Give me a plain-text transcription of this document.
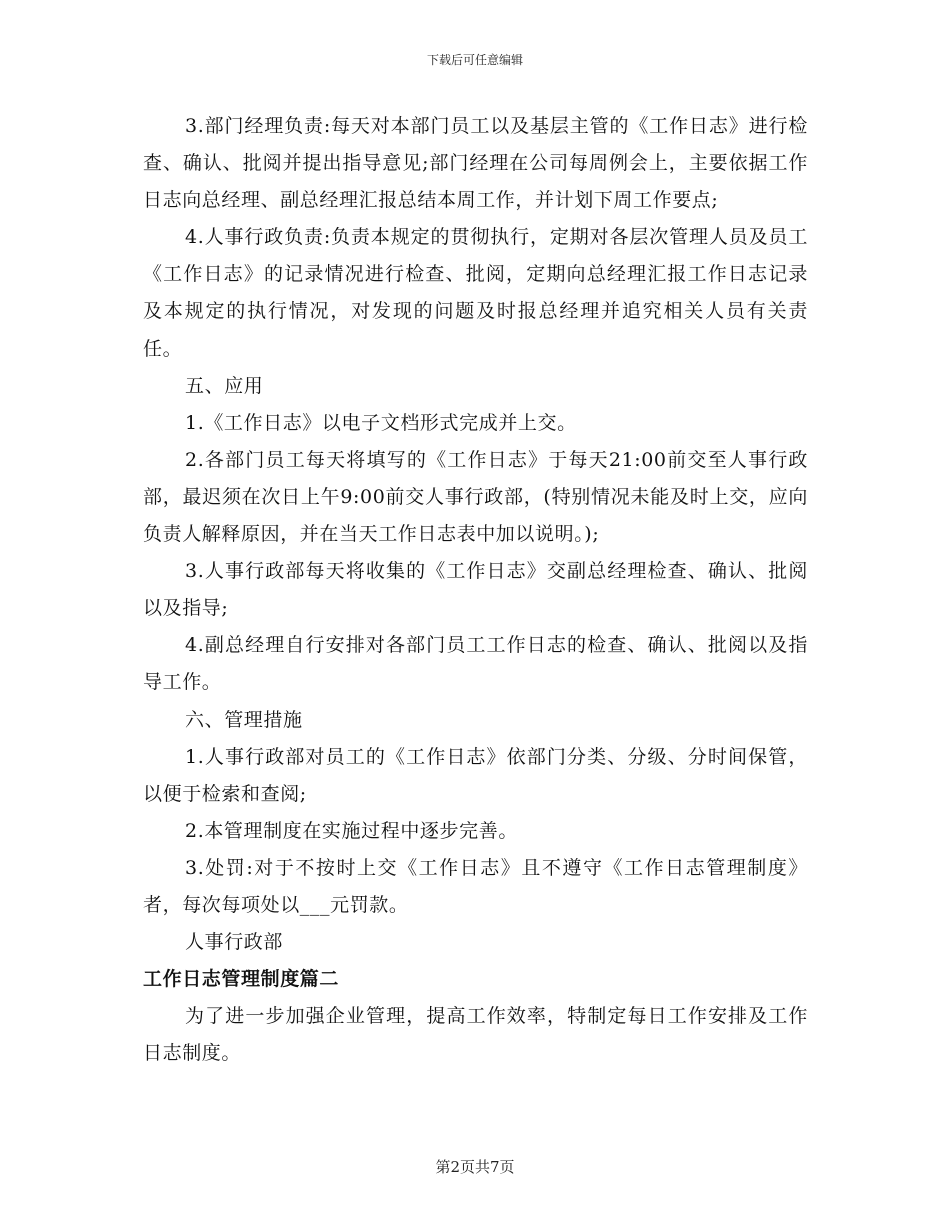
下载后可任意编辑

3.部门经理负责:每天对本部门员工以及基层主管的《工作日志》进行检查、确认、批阅并提出指导意见;部门经理在公司每周例会上，主要依据工作日志向总经理、副总经理汇报总结本周工作，并计划下周工作要点;

4.人事行政负责:负责本规定的贯彻执行，定期对各层次管理人员及员工《工作日志》的记录情况进行检查、批阅，定期向总经理汇报工作日志记录及本规定的执行情况，对发现的问题及时报总经理并追究相关人员有关责任。

五、应用

1.《工作日志》以电子文档形式完成并上交。

2.各部门员工每天将填写的《工作日志》于每天21:00前交至人事行政部，最迟须在次日上午9:00前交人事行政部，(特别情况未能及时上交，应向负责人解释原因，并在当天工作日志表中加以说明。);

3.人事行政部每天将收集的《工作日志》交副总经理检查、确认、批阅以及指导;

4.副总经理自行安排对各部门员工工作日志的检查、确认、批阅以及指导工作。

六、管理措施

1.人事行政部对员工的《工作日志》依部门分类、分级、分时间保管，以便于检索和查阅;

2.本管理制度在实施过程中逐步完善。

3.处罚:对于不按时上交《工作日志》且不遵守《工作日志管理制度》者，每次每项处以___元罚款。

人事行政部

工作日志管理制度篇二

为了进一步加强企业管理，提高工作效率，特制定每日工作安排及工作日志制度。

第2页共7页
